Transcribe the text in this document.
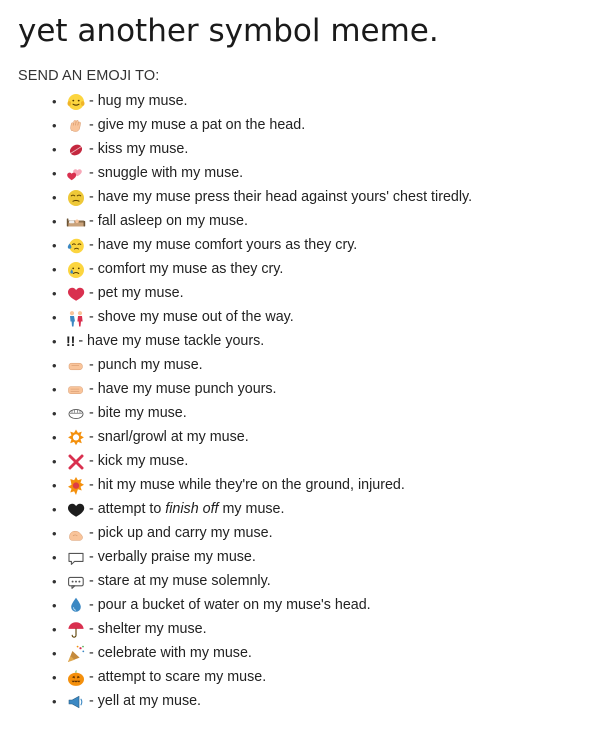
yet another symbol meme.
SEND AN EMOJI TO:
•	- hug my muse.
•	- give my muse a pat on the head.
•	- kiss my muse.
•	- snuggle with my muse.
•	- have my muse press their head against yours' chest tiredly.
•	- fall asleep on my muse.
•	- have my muse comfort yours as they cry.
•	- comfort my muse as they cry.
•	- pet my muse.
•	- shove my muse out of the way.
• !! - have my muse tackle yours.
•	- punch my muse.
•	- have my muse punch yours.
•	- bite my muse.
•	- snarl/growl at my muse.
•	- kick my muse.
•	- hit my muse while they're on the ground, injured.
•	- attempt to finish off my muse.
•	- pick up and carry my muse.
•	- verbally praise my muse.
•	- stare at my muse solemnly.
•	- pour a bucket of water on my muse's head.
•	- shelter my muse.
•	- celebrate with my muse.
•	- attempt to scare my muse.
•	- yell at my muse.
